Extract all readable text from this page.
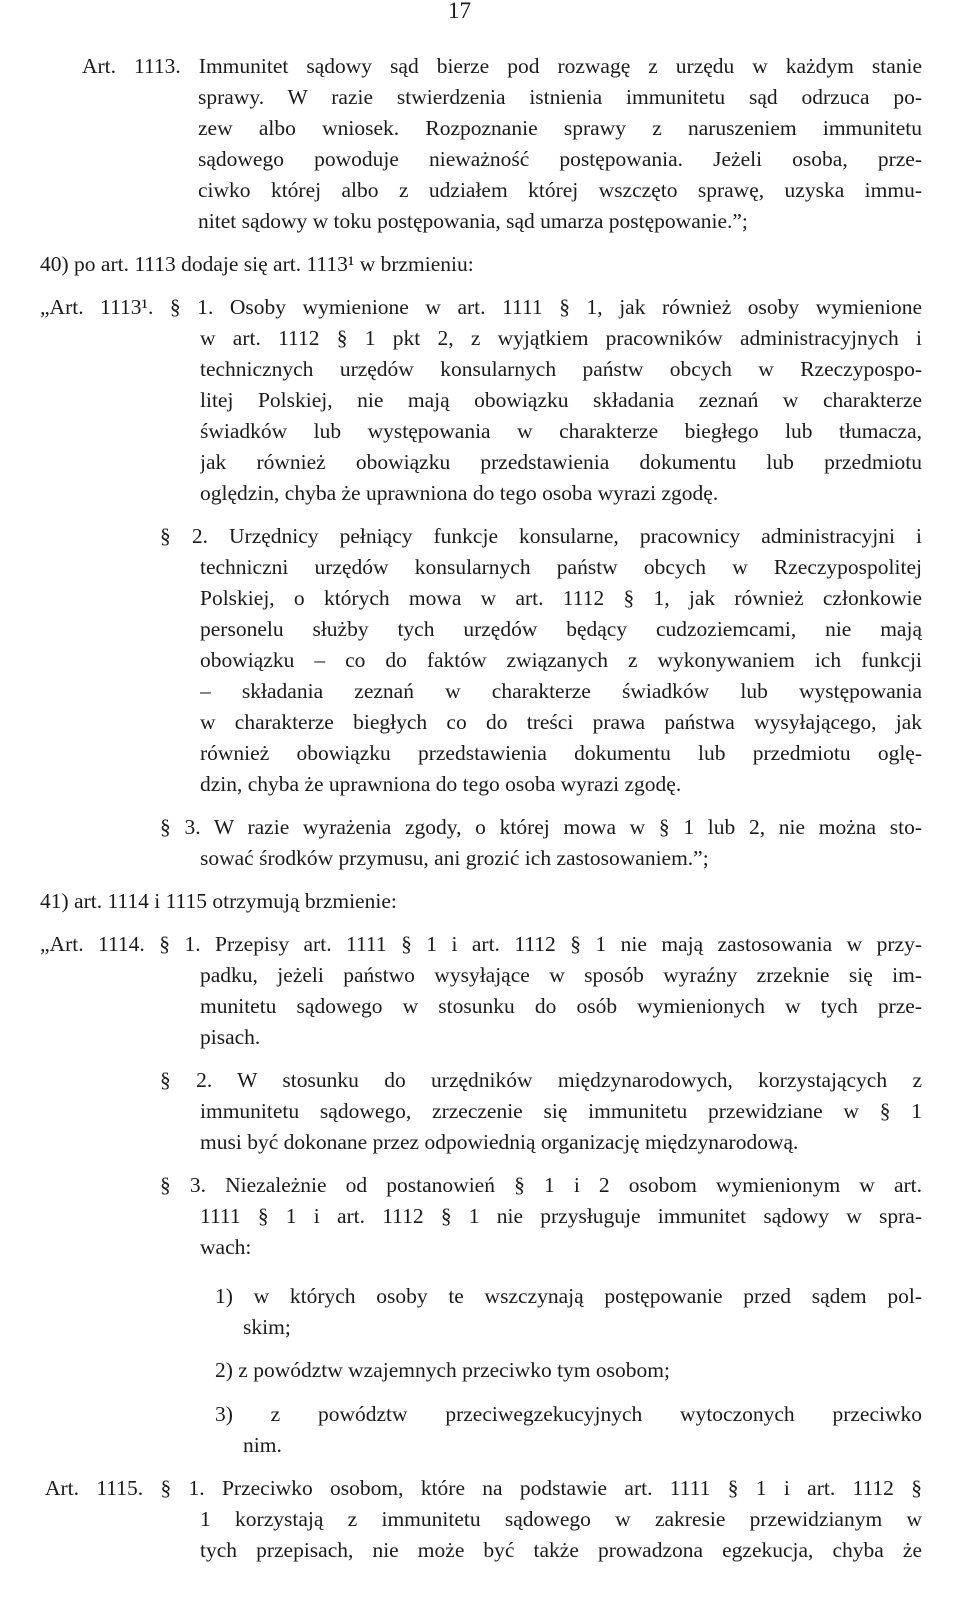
17
Art. 1113. Immunitet sądowy sąd bierze pod rozwagę z urzędu w każdym stanie
sprawy. W razie stwierdzenia istnienia immunitetu sąd odrzuca po-
zew albo wniosek. Rozpoznanie sprawy z naruszeniem immunitetu
sądowego powoduje nieważność postępowania. Jeżeli osoba, prze-
ciwko której albo z udziałem której wszczęto sprawę, uzyska immu-
nitet sądowy w toku postępowania, sąd umarza postępowanie.”;
40) po art. 1113 dodaje się art. 1113¹ w brzmieniu:
„Art. 1113¹. § 1. Osoby wymienione w art. 1111 § 1, jak również osoby wymienione
w art. 1112 § 1 pkt 2, z wyjątkiem pracowników administracyjnych i
technicznych urzędów konsularnych państw obcych w Rzeczypospo-
litej Polskiej, nie mają obowiązku składania zeznań w charakterze
świadków lub występowania w charakterze biegłego lub tłumacza,
jak również obowiązku przedstawienia dokumentu lub przedmiotu
oględzin, chyba że uprawniona do tego osoba wyrazi zgodę.
§ 2. Urzędnicy pełniący funkcje konsularne, pracownicy administracyjni i
techniczni urzędów konsularnych państw obcych w Rzeczypospolitej
Polskiej, o których mowa w art. 1112 § 1, jak również członkowie
personelu służby tych urzędów będący cudzoziemcami, nie mają
obowiązku – co do faktów związanych z wykonywaniem ich funkcji
– składania zeznań w charakterze świadków lub występowania
w charakterze biegłych co do treści prawa państwa wysyłającego, jak
również obowiązku przedstawienia dokumentu lub przedmiotu oglę-
dzin, chyba że uprawniona do tego osoba wyrazi zgodę.
§ 3. W razie wyrażenia zgody, o której mowa w § 1 lub 2, nie można sto-
sować środków przymusu, ani grozić ich zastosowaniem.”;
41) art. 1114 i 1115 otrzymują brzmienie:
„Art. 1114. § 1. Przepisy art. 1111 § 1 i art. 1112 § 1 nie mają zastosowania w przy-
padku, jeżeli państwo wysyłające w sposób wyraźny zrzeknie się im-
munitetu sądowego w stosunku do osób wymienionych w tych prze-
pisach.
§ 2. W stosunku do urzędników międzynarodowych, korzystających z
immunitetu sądowego, zrzeczenie się immunitetu przewidziane w § 1
musi być dokonane przez odpowiednią organizację międzynarodową.
§ 3. Niezależnie od postanowień § 1 i 2 osobom wymienionym w art.
1111 § 1 i art. 1112 § 1 nie przysługuje immunitet sądowy w spra-
wach:
1) w których osoby te wszczynają postępowanie przed sądem pol-
skim;
2) z powództw wzajemnych przeciwko tym osobom;
3) z powództw przeciwegzekucyjnych wytoczonych przeciwko
nim.
Art. 1115. § 1. Przeciwko osobom, które na podstawie art. 1111 § 1 i art. 1112 §
1 korzystają z immunitetu sądowego w zakresie przewidzianym w
tych przepisach, nie może być także prowadzona egzekucja, chyba że
